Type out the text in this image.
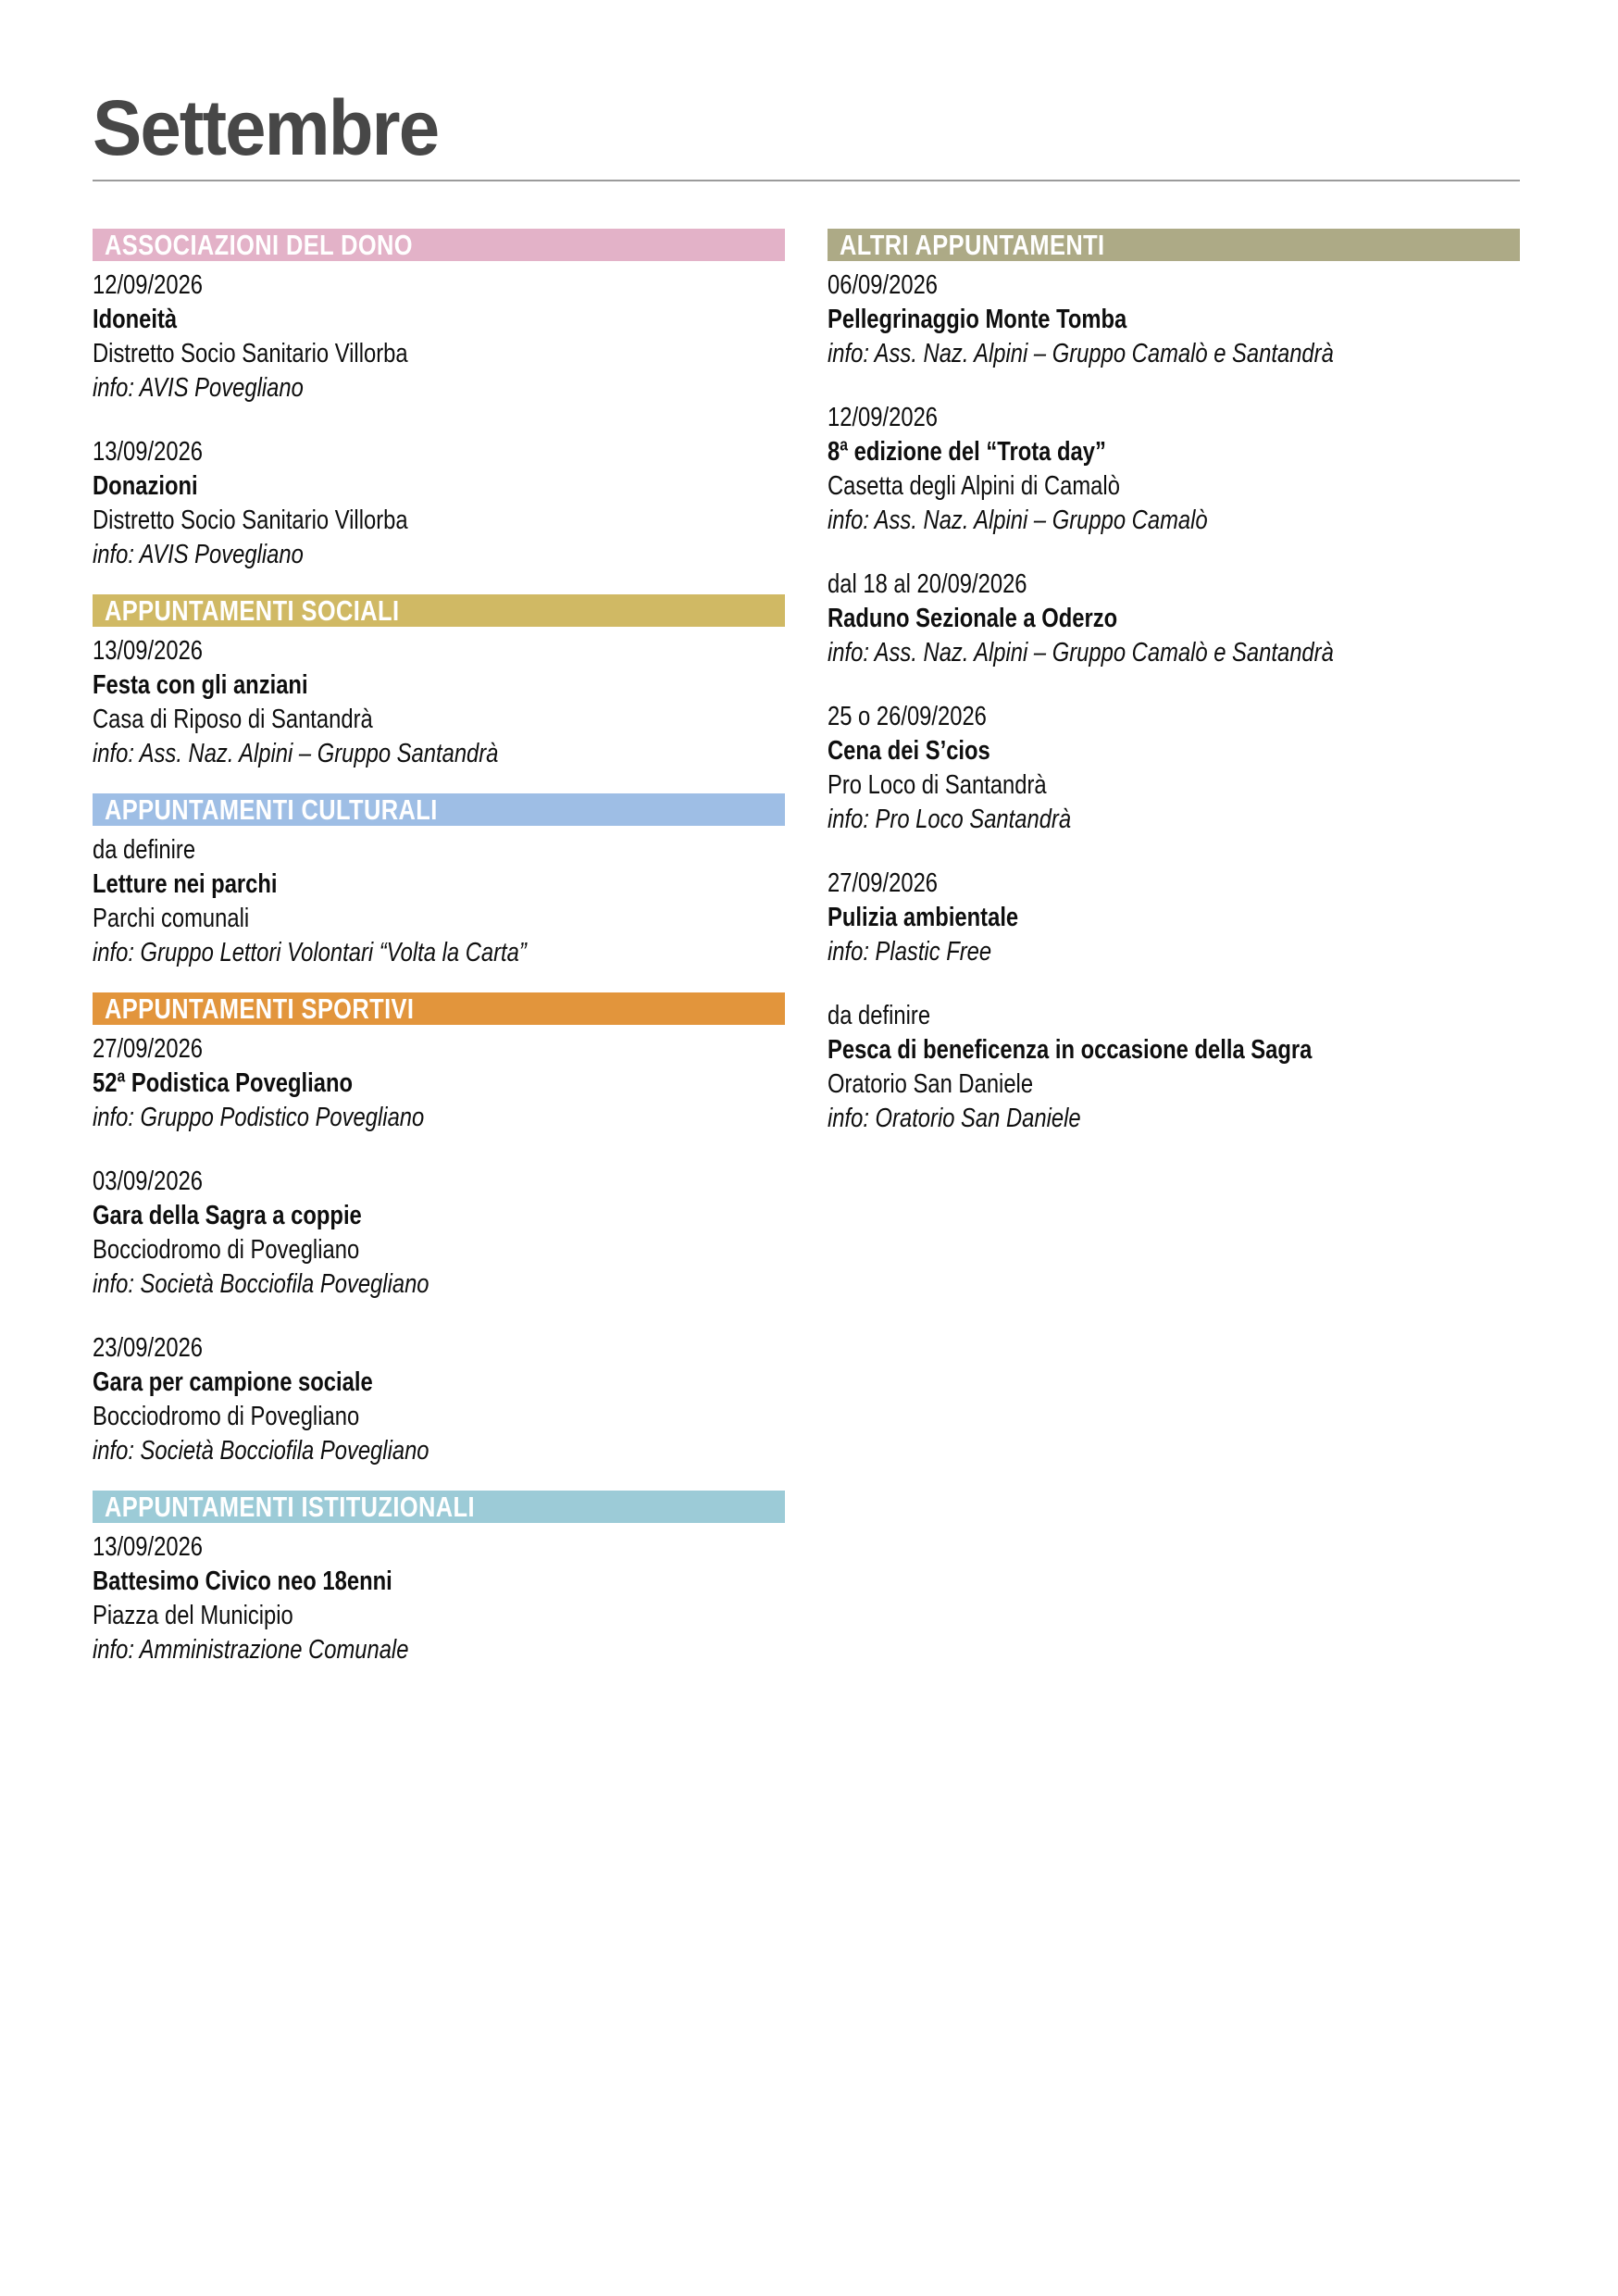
Settembre
ASSOCIAZIONI DEL DONO
12/09/2026
Idoneità
Distretto Socio Sanitario Villorba
info: AVIS Povegliano
13/09/2026
Donazioni
Distretto Socio Sanitario Villorba
info: AVIS Povegliano
APPUNTAMENTI SOCIALI
13/09/2026
Festa con gli anziani
Casa di Riposo di Santandrà
info: Ass. Naz. Alpini – Gruppo Santandrà
APPUNTAMENTI CULTURALI
da definire
Letture nei parchi
Parchi comunali
info: Gruppo Lettori Volontari “Volta la Carta”
APPUNTAMENTI SPORTIVI
27/09/2026
52ª Podistica Povegliano
info: Gruppo Podistico Povegliano
03/09/2026
Gara della Sagra a coppie
Bocciodromo di Povegliano
info: Società Bocciofila Povegliano
23/09/2026
Gara per campione sociale
Bocciodromo di Povegliano
info: Società Bocciofila Povegliano
APPUNTAMENTI ISTITUZIONALI
13/09/2026
Battesimo Civico neo 18enni
Piazza del Municipio
info: Amministrazione Comunale
ALTRI APPUNTAMENTI
06/09/2026
Pellegrinaggio Monte Tomba
info: Ass. Naz. Alpini – Gruppo Camalò e Santandrà
12/09/2026
8ª edizione del “Trota day”
Casetta degli Alpini di Camalò
info: Ass. Naz. Alpini – Gruppo Camalò
dal 18 al 20/09/2026
Raduno Sezionale a Oderzo
info: Ass. Naz. Alpini – Gruppo Camalò e Santandrà
25 o 26/09/2026
Cena dei S’cios
Pro Loco di Santandrà
info: Pro Loco Santandrà
27/09/2026
Pulizia ambientale
info: Plastic Free
da definire
Pesca di beneficenza in occasione della Sagra
Oratorio San Daniele
info: Oratorio San Daniele
